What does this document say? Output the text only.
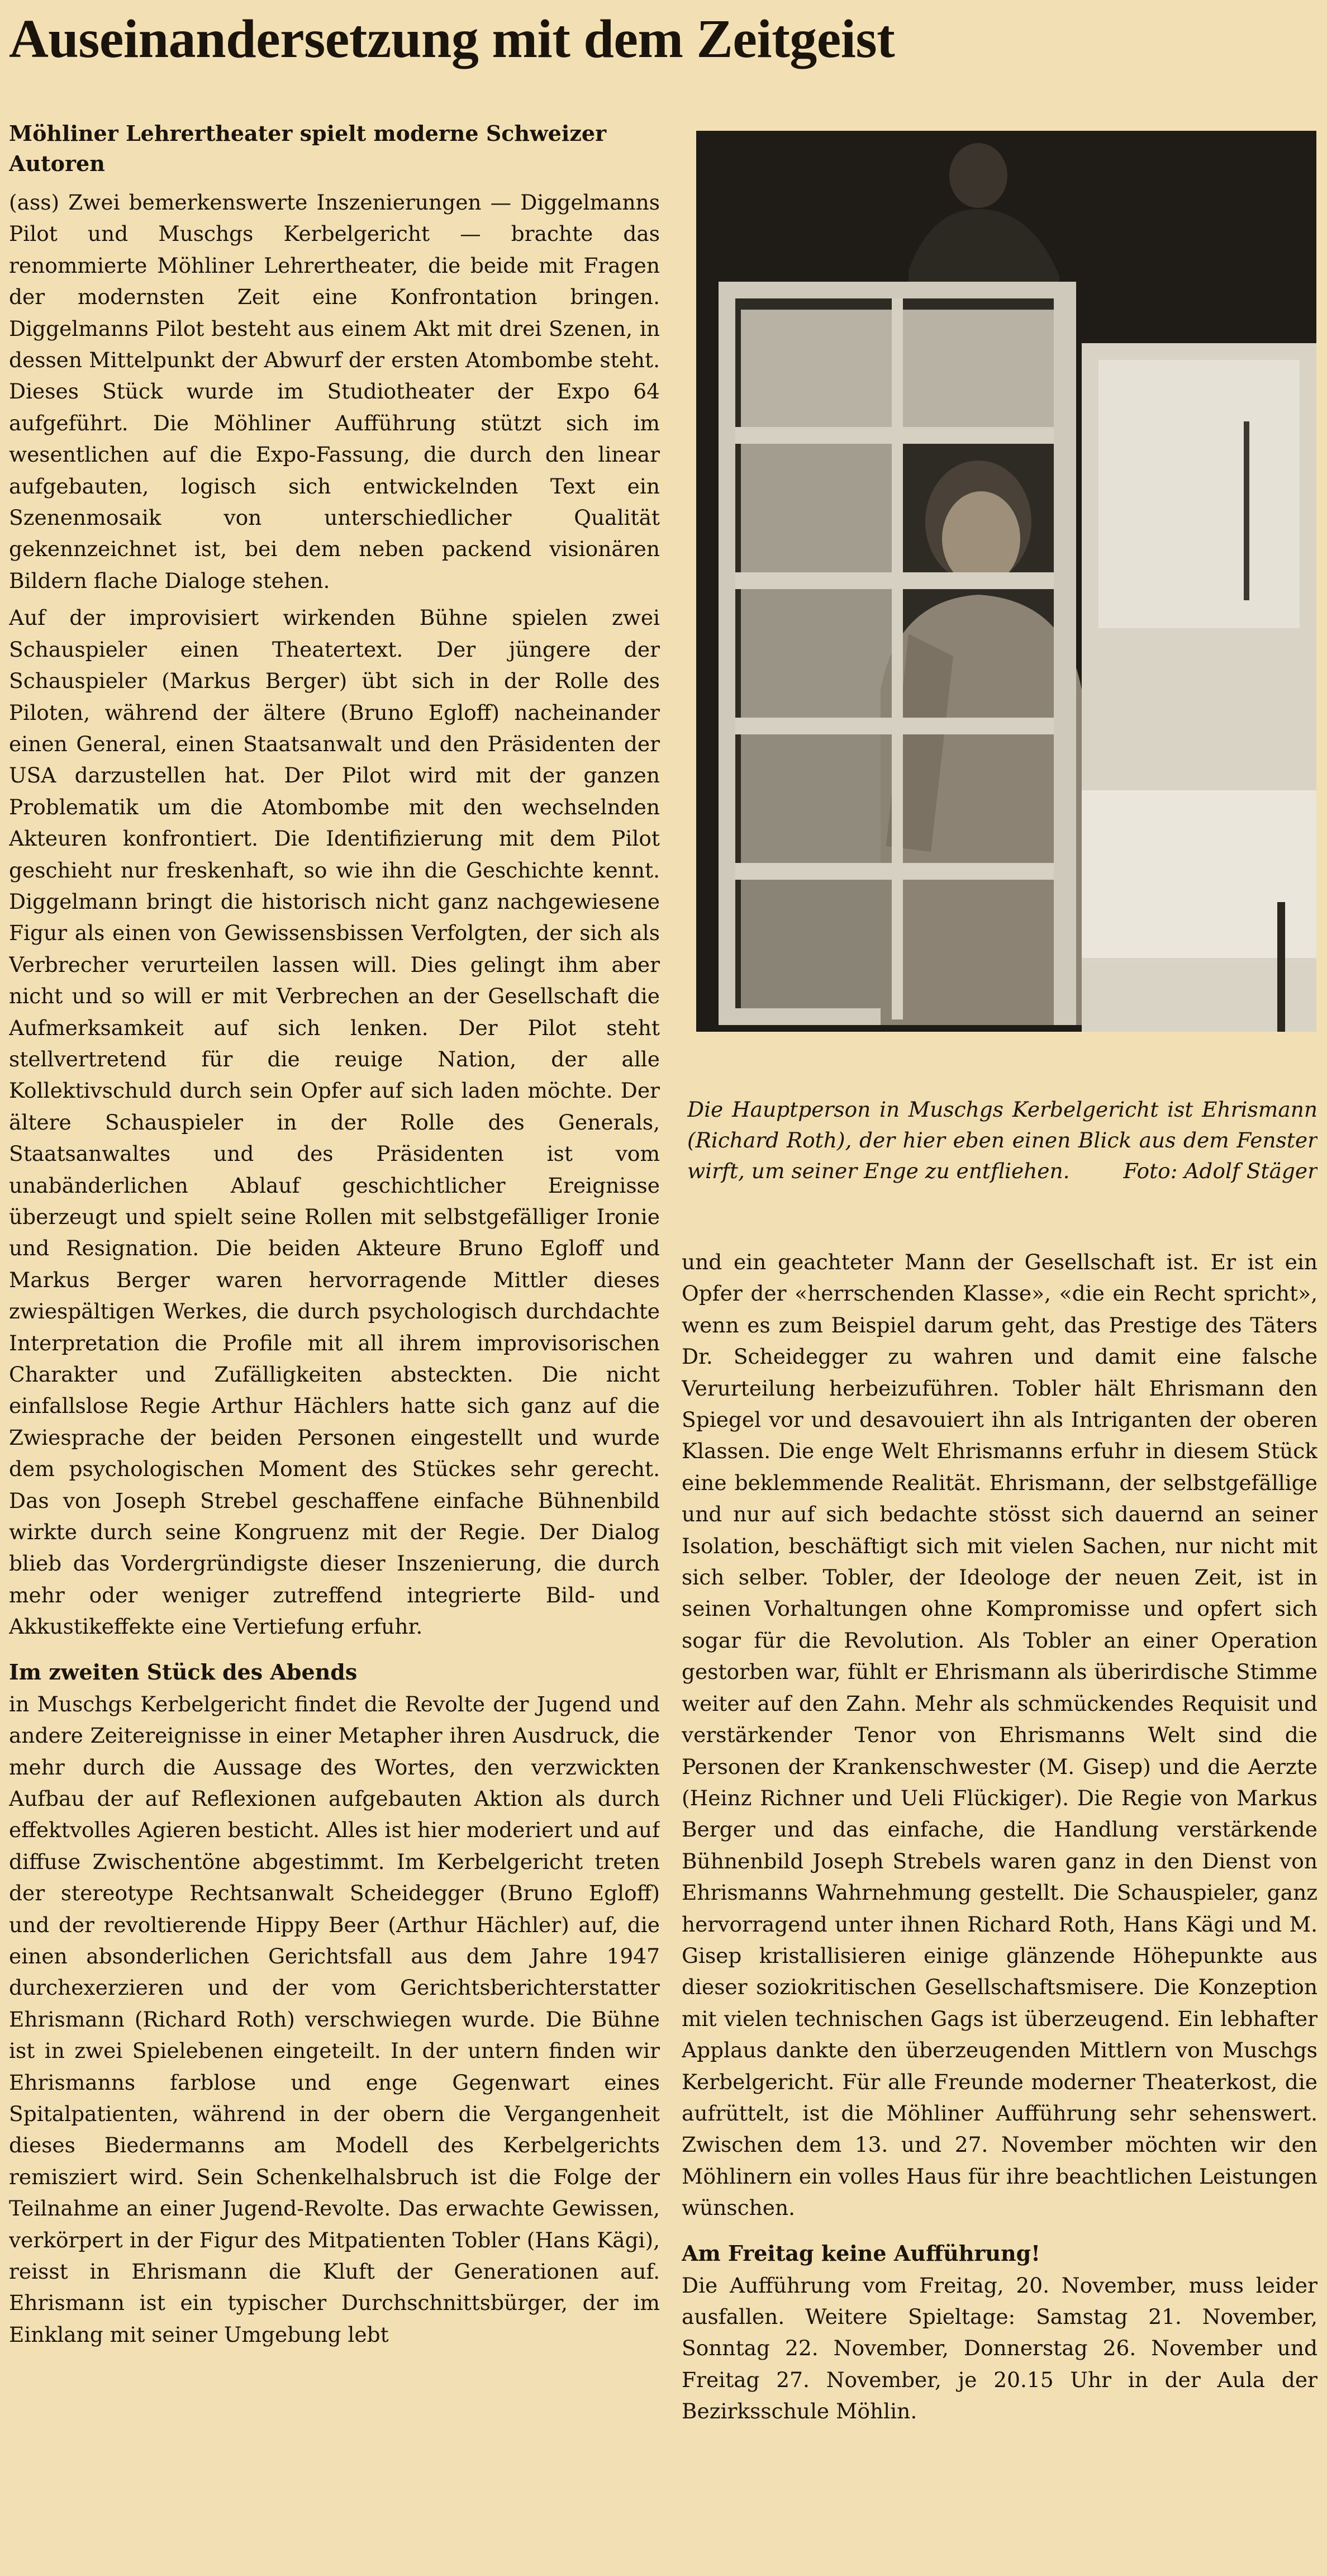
Auseinandersetzung mit dem Zeitgeist

Möhliner Lehrertheater spielt moderne Schweizer Autoren

(ass) Zwei bemerkenswerte Inszenierungen — Diggelmanns Pilot und Muschgs Kerbelgericht — brachte das renommierte Möhliner Lehrertheater, die beide mit Fragen der modernsten Zeit eine Konfrontation bringen. Diggelmanns Pilot besteht aus einem Akt mit drei Szenen, in dessen Mittelpunkt der Abwurf der ersten Atombombe steht. Dieses Stück wurde im Studiotheater der Expo 64 aufgeführt. Die Möhliner Aufführung stützt sich im wesentlichen auf die Expo-Fassung, die durch den linear aufgebauten, logisch sich entwickelnden Text ein Szenenmosaik von unterschiedlicher Qualität gekennzeichnet ist, bei dem neben packend visionären Bildern flache Dialoge stehen.

Auf der improvisiert wirkenden Bühne spielen zwei Schauspieler einen Theatertext. Der jüngere der Schauspieler (Markus Berger) übt sich in der Rolle des Piloten, während der ältere (Bruno Egloff) nacheinander einen General, einen Staatsanwalt und den Präsidenten der USA darzustellen hat. Der Pilot wird mit der ganzen Problematik um die Atombombe mit den wechselnden Akteuren konfrontiert. Die Identifizierung mit dem Pilot geschieht nur freskenhaft, so wie ihn die Geschichte kennt. Diggelmann bringt die historisch nicht ganz nachgewiesene Figur als einen von Gewissensbissen Verfolgten, der sich als Verbrecher verurteilen lassen will. Dies gelingt ihm aber nicht und so will er mit Verbrechen an der Gesellschaft die Aufmerksamkeit auf sich lenken. Der Pilot steht stellvertretend für die reuige Nation, der alle Kollektivschuld durch sein Opfer auf sich laden möchte. Der ältere Schauspieler in der Rolle des Generals, Staatsanwaltes und des Präsidenten ist vom unabänderlichen Ablauf geschichtlicher Ereignisse überzeugt und spielt seine Rollen mit selbstgefälliger Ironie und Resignation. Die beiden Akteure Bruno Egloff und Markus Berger waren hervorragende Mittler dieses zwiespältigen Werkes, die durch psychologisch durchdachte Interpretation die Profile mit all ihrem improvisorischen Charakter und Zufälligkeiten absteckten. Die nicht einfallslose Regie Arthur Hächlers hatte sich ganz auf die Zwiesprache der beiden Personen eingestellt und wurde dem psychologischen Moment des Stückes sehr gerecht. Das von Joseph Strebel geschaffene einfache Bühnenbild wirkte durch seine Kongruenz mit der Regie. Der Dialog blieb das Vordergründigste dieser Inszenierung, die durch mehr oder weniger zutreffend integrierte Bild- und Akkustikeffekte eine Vertiefung erfuhr.

Im zweiten Stück des Abends

in Muschgs Kerbelgericht findet die Revolte der Jugend und andere Zeitereignisse in einer Metapher ihren Ausdruck, die mehr durch die Aussage des Wortes, den verzwickten Aufbau der auf Reflexionen aufgebauten Aktion als durch effektvolles Agieren besticht. Alles ist hier moderiert und auf diffuse Zwischentöne abgestimmt. Im Kerbelgericht treten der stereotype Rechtsanwalt Scheidegger (Bruno Egloff) und der revoltierende Hippy Beer (Arthur Hächler) auf, die einen absonderlichen Gerichtsfall aus dem Jahre 1947 durchexerzieren und der vom Gerichtsberichterstatter Ehrismann (Richard Roth) verschwiegen wurde. Die Bühne ist in zwei Spielebenen eingeteilt. In der untern finden wir Ehrismanns farblose und enge Gegenwart eines Spitalpatienten, während in der obern die Vergangenheit dieses Biedermanns am Modell des Kerbelgerichts remisziert wird. Sein Schenkelhalsbruch ist die Folge der Teilnahme an einer Jugend-Revolte. Das erwachte Gewissen, verkörpert in der Figur des Mitpatienten Tobler (Hans Kägi), reisst in Ehrismann die Kluft der Generationen auf. Ehrismann ist ein typischer Durchschnittsbürger, der im Einklang mit seiner Umgebung lebt

Die Hauptperson in Muschgs Kerbelgericht ist Ehrismann (Richard Roth), der hier eben einen Blick aus dem Fenster wirft, um seiner Enge zu entfliehen.	Foto: Adolf Stäger

und ein geachteter Mann der Gesellschaft ist. Er ist ein Opfer der «herrschenden Klasse», «die ein Recht spricht», wenn es zum Beispiel darum geht, das Prestige des Täters Dr. Scheidegger zu wahren und damit eine falsche Verurteilung herbeizuführen. Tobler hält Ehrismann den Spiegel vor und desavouiert ihn als Intriganten der oberen Klassen. Die enge Welt Ehrismanns erfuhr in diesem Stück eine beklemmende Realität. Ehrismann, der selbstgefällige und nur auf sich bedachte stösst sich dauernd an seiner Isolation, beschäftigt sich mit vielen Sachen, nur nicht mit sich selber. Tobler, der Ideologe der neuen Zeit, ist in seinen Vorhaltungen ohne Kompromisse und opfert sich sogar für die Revolution. Als Tobler an einer Operation gestorben war, fühlt er Ehrismann als überirdische Stimme weiter auf den Zahn. Mehr als schmückendes Requisit und verstärkender Tenor von Ehrismanns Welt sind die Personen der Krankenschwester (M. Gisep) und die Aerzte (Heinz Richner und Ueli Flückiger). Die Regie von Markus Berger und das einfache, die Handlung verstärkende Bühnenbild Joseph Strebels waren ganz in den Dienst von Ehrismanns Wahrnehmung gestellt. Die Schauspieler, ganz hervorragend unter ihnen Richard Roth, Hans Kägi und M. Gisep kristallisieren einige glänzende Höhepunkte aus dieser soziokritischen Gesellschaftsmisere. Die Konzeption mit vielen technischen Gags ist überzeugend. Ein lebhafter Applaus dankte den überzeugenden Mittlern von Muschgs Kerbelgericht. Für alle Freunde moderner Theaterkost, die aufrüttelt, ist die Möhliner Aufführung sehr sehenswert. Zwischen dem 13. und 27. November möchten wir den Möhlinern ein volles Haus für ihre beachtlichen Leistungen wünschen.

Am Freitag keine Aufführung!

Die Aufführung vom Freitag, 20. November, muss leider ausfallen. Weitere Spieltage: Samstag 21. November, Sonntag 22. November, Donnerstag 26. November und Freitag 27. November, je 20.15 Uhr in der Aula der Bezirksschule Möhlin.
